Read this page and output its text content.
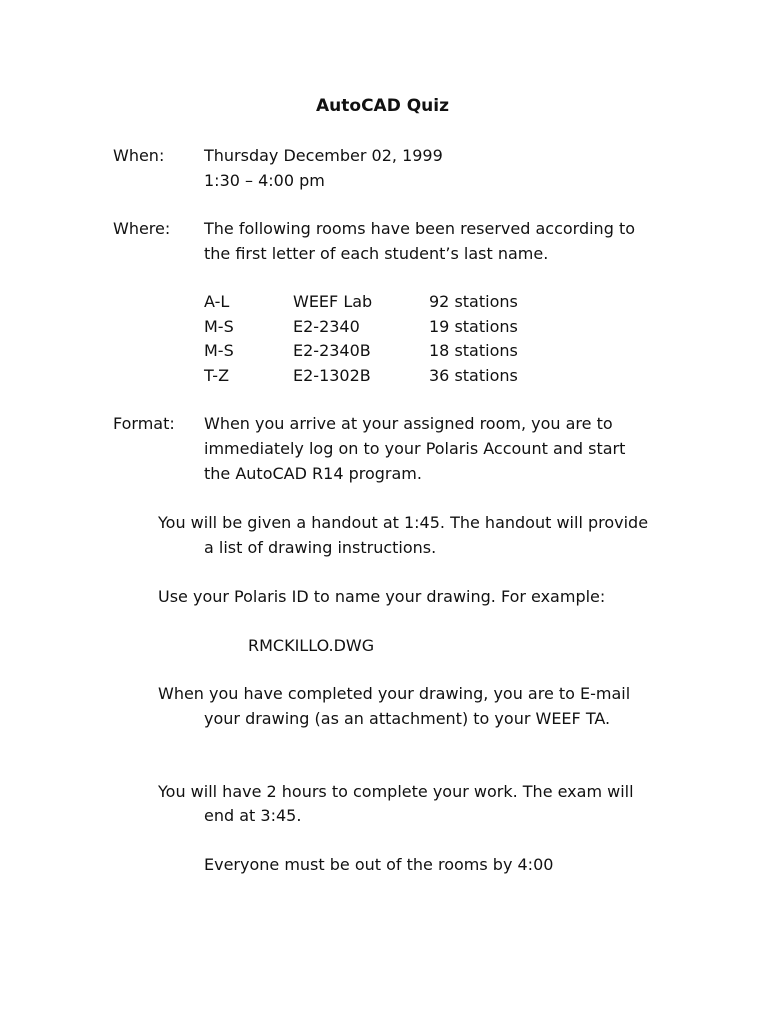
AutoCAD Quiz
When: Thursday December 02, 1999
1:30 – 4:00 pm
Where: The following rooms have been reserved according to
the first letter of each student’s last name.
A-L	WEEF Lab	92 stations
M-S	E2-2340	19 stations
M-S	E2-2340B	18 stations
T-Z	E2-1302B	36 stations
Format: When you arrive at your assigned room, you are to
immediately log on to your Polaris Account and start
the AutoCAD R14 program.
You will be given a handout at 1:45. The handout will provide
a list of drawing instructions.
Use your Polaris ID to name your drawing. For example:
RMCKILLO.DWG
When you have completed your drawing, you are to E-mail
your drawing (as an attachment) to your WEEF TA.
You will have 2 hours to complete your work. The exam will
end at 3:45.
Everyone must be out of the rooms by 4:00
